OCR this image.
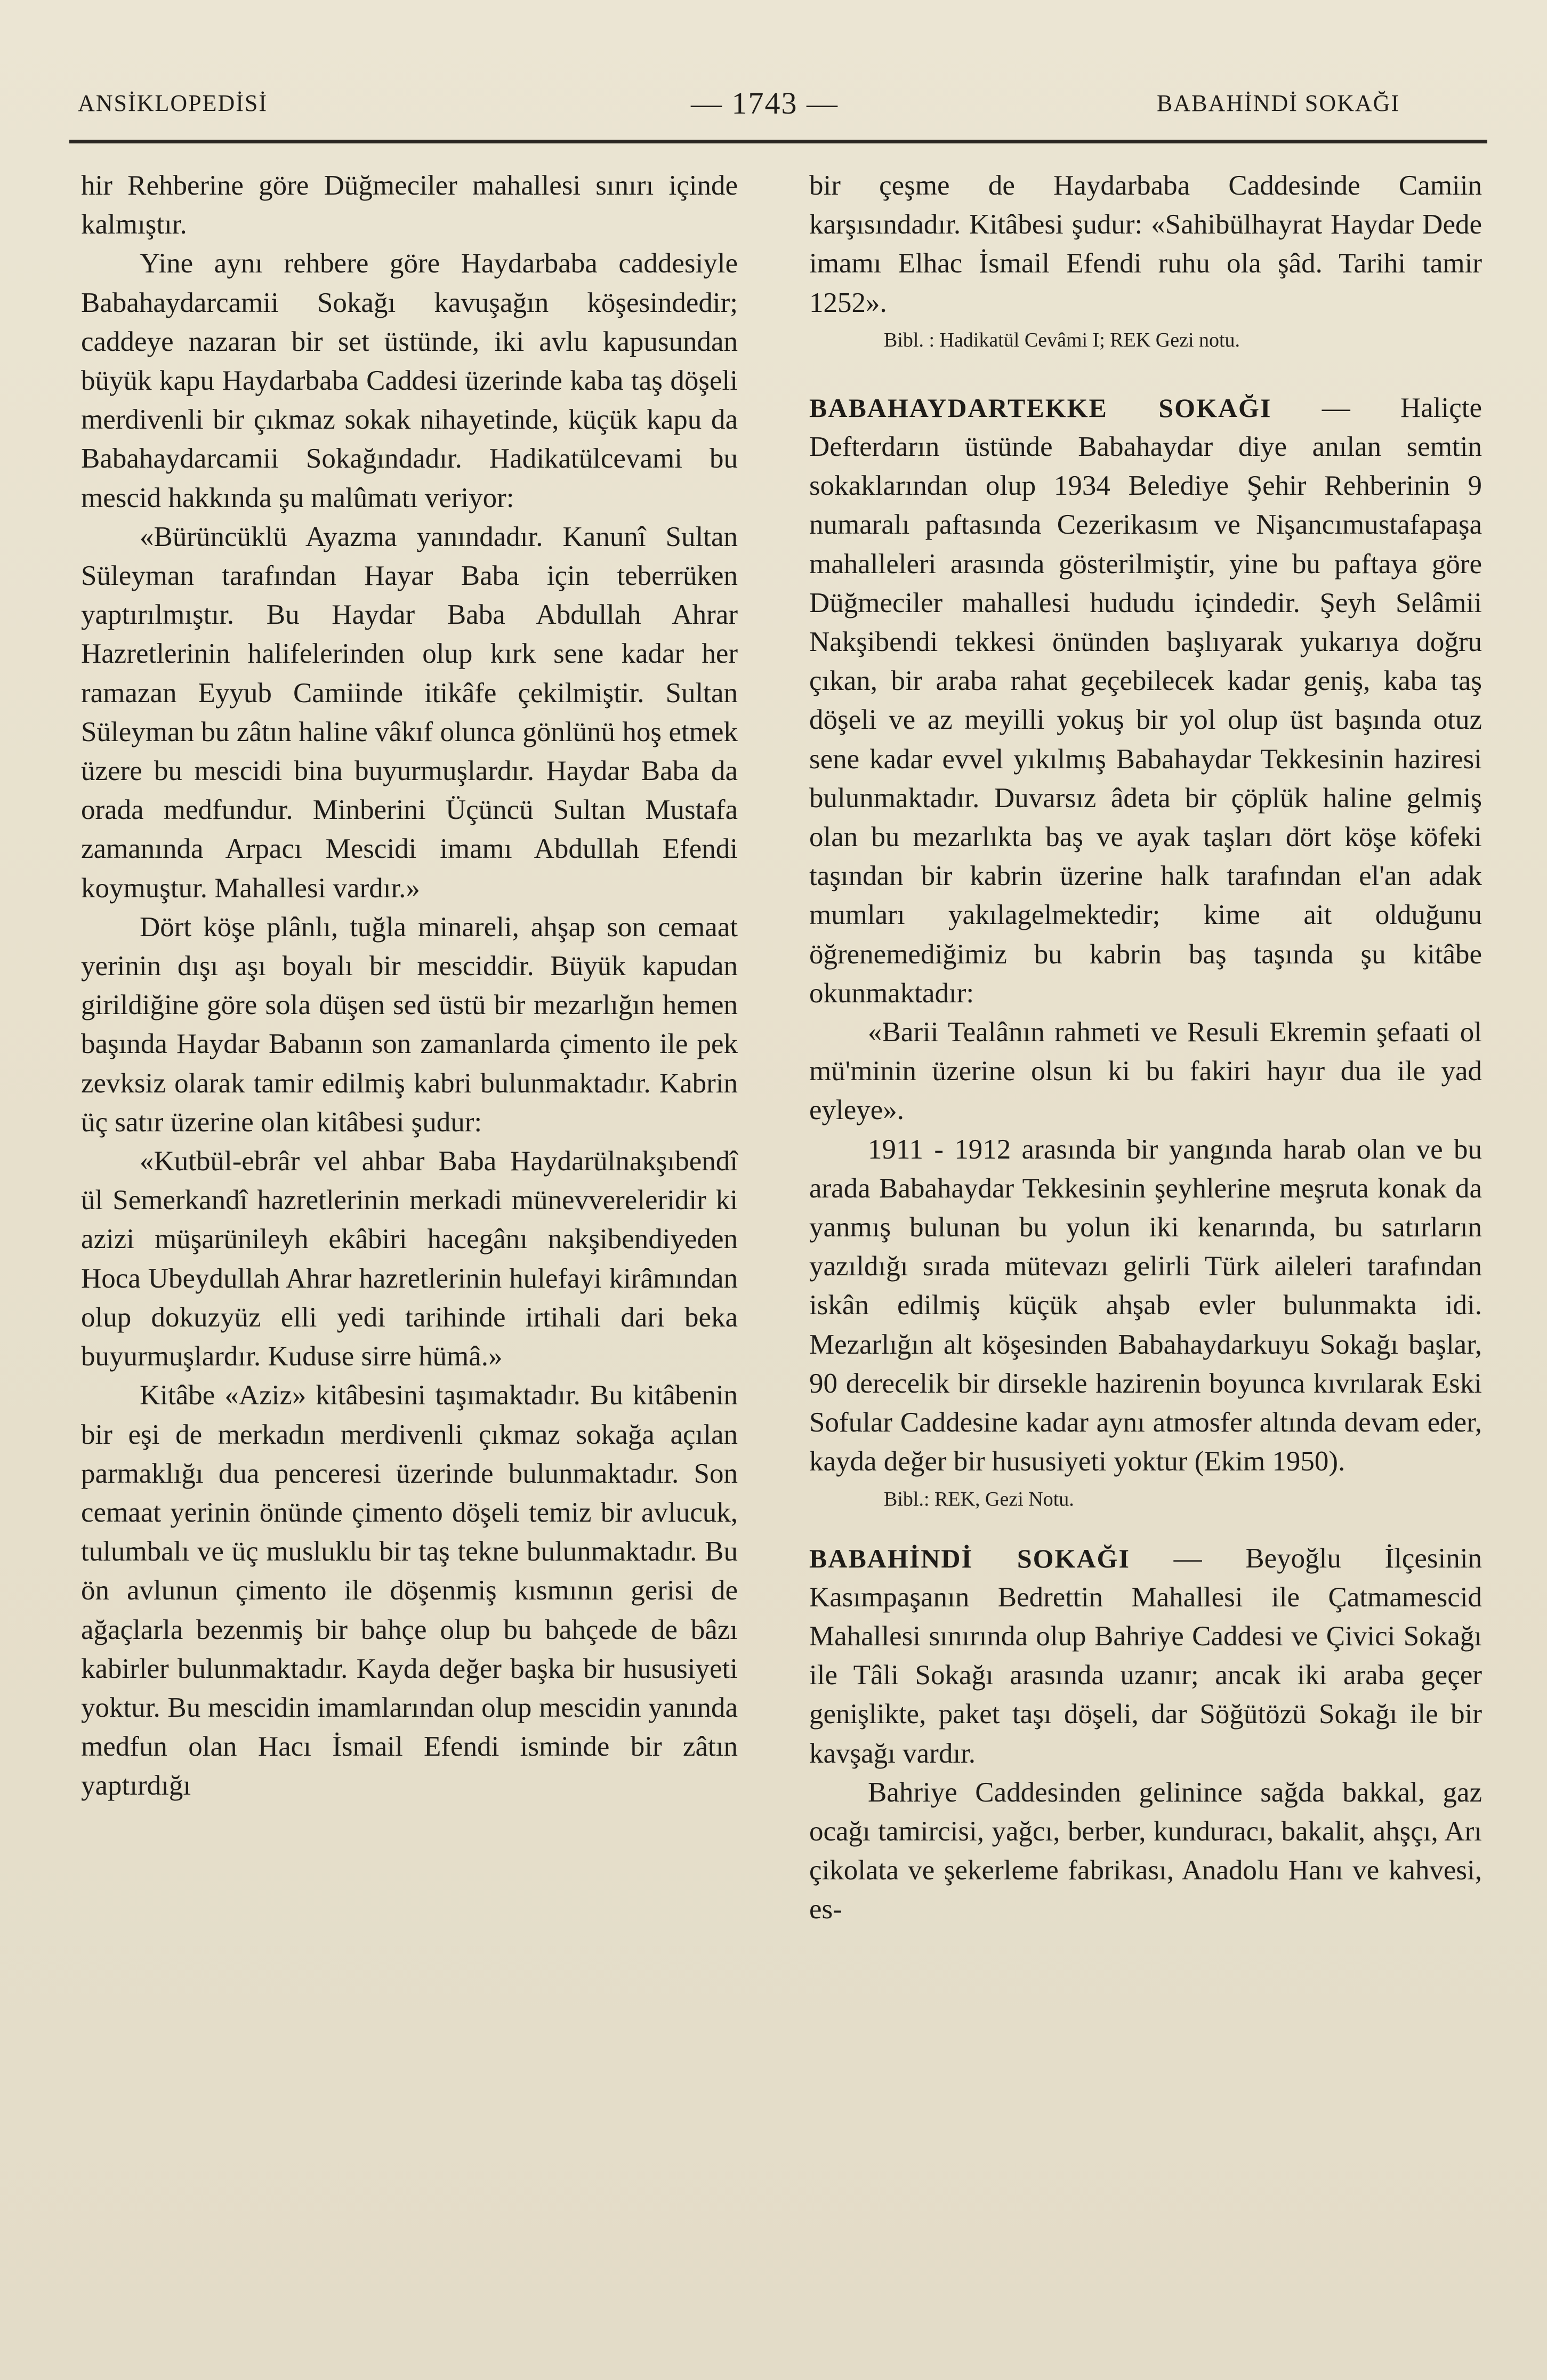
ANSİKLOPEDİSİ	— 1743 —	BABAHİNDİ SOKAĞI

hir Rehberine göre Düğmeciler mahallesi sınırı içinde kalmıştır.

Yine aynı rehbere göre Haydarbaba caddesiyle Babahaydarcamii Sokağı kavuşağın köşesindedir; caddeye nazaran bir set üstünde, iki avlu kapusundan büyük kapu Haydarbaba Caddesi üzerinde kaba taş döşeli merdivenli bir çıkmaz sokak nihayetinde, küçük kapu da Babahaydarcamii Sokağındadır. Hadikatülcevami bu mescid hakkında şu malûmatı veriyor:

«Bürüncüklü Ayazma yanındadır. Kanunî Sultan Süleyman tarafından Hayar Baba için teberrüken yaptırılmıştır. Bu Haydar Baba Abdullah Ahrar Hazretlerinin halifelerinden olup kırk sene kadar her ramazan Eyyub Camiinde itikâfe çekilmiştir. Sultan Süleyman bu zâtın haline vâkıf olunca gönlünü hoş etmek üzere bu mescidi bina buyurmuşlardır. Haydar Baba da orada medfundur. Minberini Üçüncü Sultan Mustafa zamanında Arpacı Mescidi imamı Abdullah Efendi koymuştur. Mahallesi vardır.»

Dört köşe plânlı, tuğla minareli, ahşap son cemaat yerinin dışı aşı boyalı bir mesciddir. Büyük kapudan girildiğine göre sola düşen sed üstü bir mezarlığın hemen başında Haydar Babanın son zamanlarda çimento ile pek zevksiz olarak tamir edilmiş kabri bulunmaktadır. Kabrin üç satır üzerine olan kitâbesi şudur:

«Kutbül-ebrâr vel ahbar Baba Haydarülnakşıbendî ül Semerkandî hazretlerinin merkadi münevvereleridir ki azizi müşarünileyh ekâbiri hacegânı nakşibendiyeden Hoca Ubeydullah Ahrar hazretlerinin hulefayi kirâmından olup dokuzyüz elli yedi tarihinde irtihali dari beka buyurmuşlardır. Kuduse sirre hümâ.»

Kitâbe «Aziz» kitâbesini taşımaktadır. Bu kitâbenin bir eşi de merkadın merdivenli çıkmaz sokağa açılan parmaklığı dua penceresi üzerinde bulunmaktadır. Son cemaat yerinin önünde çimento döşeli temiz bir avlucuk, tulumbalı ve üç musluklu bir taş tekne bulunmaktadır. Bu ön avlunun çimento ile döşenmiş kısmının gerisi de ağaçlarla bezenmiş bir bahçe olup bu bahçede de bâzı kabirler bulunmaktadır. Kayda değer başka bir hususiyeti yoktur. Bu mescidin imamlarından olup mescidin yanında medfun olan Hacı İsmail Efendi isminde bir zâtın yaptırdığı

bir çeşme de Haydarbaba Caddesinde Camiin karşısındadır. Kitâbesi şudur: «Sahibülhayrat Haydar Dede imamı Elhac İsmail Efendi ruhu ola şâd. Tarihi tamir 1252».

Bibl. : Hadikatül Cevâmi I; REK Gezi notu.

BABAHAYDARTEKKE SOKAĞI — Haliçte Defterdarın üstünde Babahaydar diye anılan semtin sokaklarından olup 1934 Belediye Şehir Rehberinin 9 numaralı paftasında Cezerikasım ve Nişancımustafapaşa mahalleleri arasında gösterilmiştir, yine bu paftaya göre Düğmeciler mahallesi hududu içindedir. Şeyh Selâmii Nakşibendi tekkesi önünden başlıyarak yukarıya doğru çıkan, bir araba rahat geçebilecek kadar geniş, kaba taş döşeli ve az meyilli yokuş bir yol olup üst başında otuz sene kadar evvel yıkılmış Babahaydar Tekkesinin haziresi bulunmaktadır. Duvarsız âdeta bir çöplük haline gelmiş olan bu mezarlıkta baş ve ayak taşları dört köşe köfeki taşından bir kabrin üzerine halk tarafından el'an adak mumları yakılagelmektedir; kime ait olduğunu öğrenemediğimiz bu kabrin baş taşında şu kitâbe okunmaktadır:

«Barii Tealânın rahmeti ve Resuli Ekremin şefaati ol mü'minin üzerine olsun ki bu fakiri hayır dua ile yad eyleye».

1911 - 1912 arasında bir yangında harab olan ve bu arada Babahaydar Tekkesinin şeyhlerine meşruta konak da yanmış bulunan bu yolun iki kenarında, bu satırların yazıldığı sırada mütevazı gelirli Türk aileleri tarafından iskân edilmiş küçük ahşab evler bulunmakta idi. Mezarlığın alt köşesinden Babahaydarkuyu Sokağı başlar, 90 derecelik bir dirsekle hazirenin boyunca kıvrılarak Eski Sofular Caddesine kadar aynı atmosfer altında devam eder, kayda değer bir hususiyeti yoktur (Ekim 1950).

Bibl.: REK, Gezi Notu.

BABAHİNDİ SOKAĞI — Beyoğlu İlçesinin Kasımpaşanın Bedrettin Mahallesi ile Çatmamescid Mahallesi sınırında olup Bahriye Caddesi ve Çivici Sokağı ile Tâli Sokağı arasında uzanır; ancak iki araba geçer genişlikte, paket taşı döşeli, dar Söğütözü Sokağı ile bir kavşağı vardır.

Bahriye Caddesinden gelinince sağda bakkal, gaz ocağı tamircisi, yağcı, berber, kunduracı, bakalit, ahşçı, Arı çikolata ve şekerleme fabrikası, Anadolu Hanı ve kahvesi, es-
